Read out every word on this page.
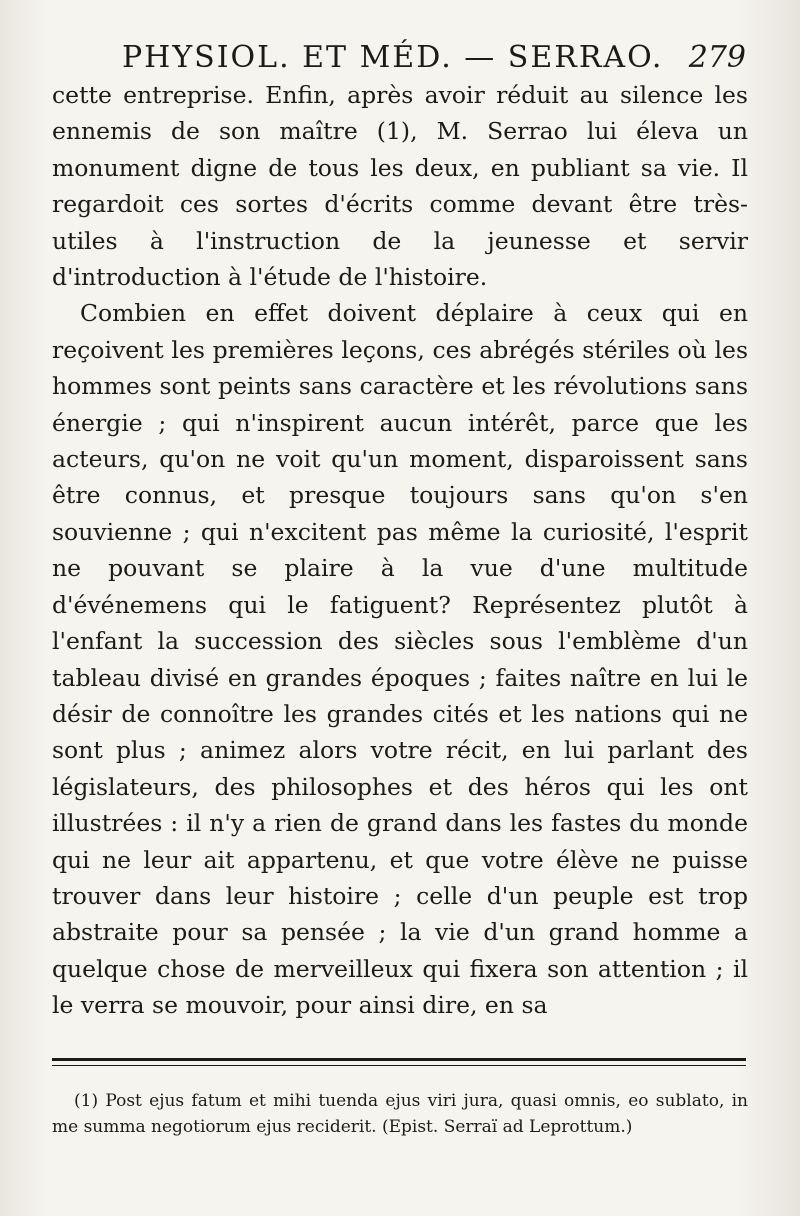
PHYSIOL. ET MÉD. — SERRAO. 279

cette entreprise. Enfin, après avoir réduit au silence les ennemis de son maître (1), M. Serrao lui éleva un monument digne de tous les deux, en publiant sa vie. Il regardoit ces sortes d'écrits comme devant être très-utiles à l'instruction de la jeunesse et servir d'introduction à l'étude de l'histoire.

Combien en effet doivent déplaire à ceux qui en reçoivent les premières leçons, ces abrégés stériles où les hommes sont peints sans caractère et les révolutions sans énergie ; qui n'inspirent aucun intérêt, parce que les acteurs, qu'on ne voit qu'un moment, disparoissent sans être connus, et presque toujours sans qu'on s'en souvienne ; qui n'excitent pas même la curiosité, l'esprit ne pouvant se plaire à la vue d'une multitude d'événemens qui le fatiguent? Représentez plutôt à l'enfant la succession des siècles sous l'emblème d'un tableau divisé en grandes époques ; faites naître en lui le désir de connoître les grandes cités et les nations qui ne sont plus ; animez alors votre récit, en lui parlant des législateurs, des philosophes et des héros qui les ont illustrées : il n'y a rien de grand dans les fastes du monde qui ne leur ait appartenu, et que votre élève ne puisse trouver dans leur histoire ; celle d'un peuple est trop abstraite pour sa pensée ; la vie d'un grand homme a quelque chose de merveilleux qui fixera son attention ; il le verra se mouvoir, pour ainsi dire, en sa

(1) Post ejus fatum et mihi tuenda ejus viri jura, quasi omnis, eo sublato, in me summa negotiorum ejus reciderit. (Epist. Serraï ad Leprottum.)
